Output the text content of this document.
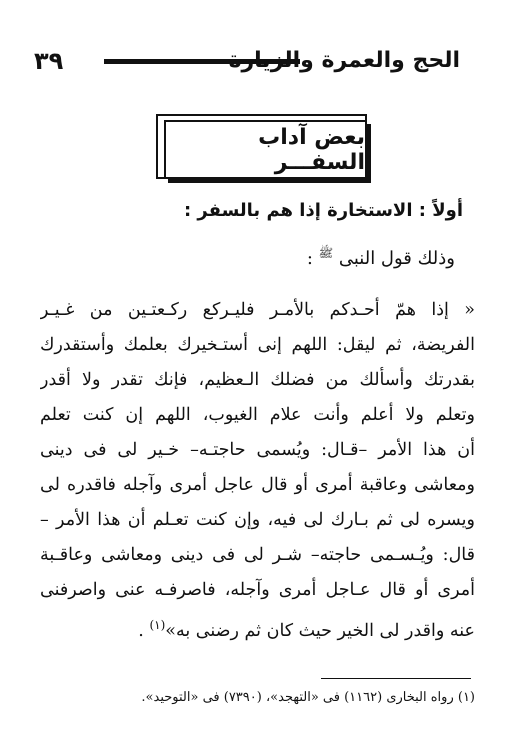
٣٩	الحج والعمرة والزيارة
بعض آداب السفـــر
أولاً : الاستخارة إذا هم بالسفر :
وذلك قول النبى $^ﷺ$ :
« إذا همّ أحـدكم بالأمـر فليـركع ركـعتـين من غـيـر
الفريضة، ثم ليقل: اللهم إنى أستـخيرك بعلمك وأستقدرك
بقدرتك وأسألك من فضلك الـعظيم، فإنك تقدر ولا أقدر
وتعلم ولا أعلم وأنت علام الغيوب، اللهم إن كنت تعلم
أن هذا الأمر –قـال: ويُسمى حاجتـه– خـير لى فى دينى
ومعاشى وعاقبة أمرى أو قال عاجل أمرى وآجله فاقدره لى
ويسره لى ثم بـارك لى فيه، وإن كنت تعـلم أن هذا الأمر –
قال: ويُـسـمى حاجته– شـر لى فى دينى ومعاشى وعاقـبة
أمرى أو قال عـاجل أمرى وآجله، فاصرفـه عنى واصرفنى
عنه واقدر لى الخير حيث كان ثم رضنى به»$^{(١)}$ .
(١) رواه البخارى (١١٦٢) فى «التهجد»، (٧٣٩٠) فى «التوحيد».
